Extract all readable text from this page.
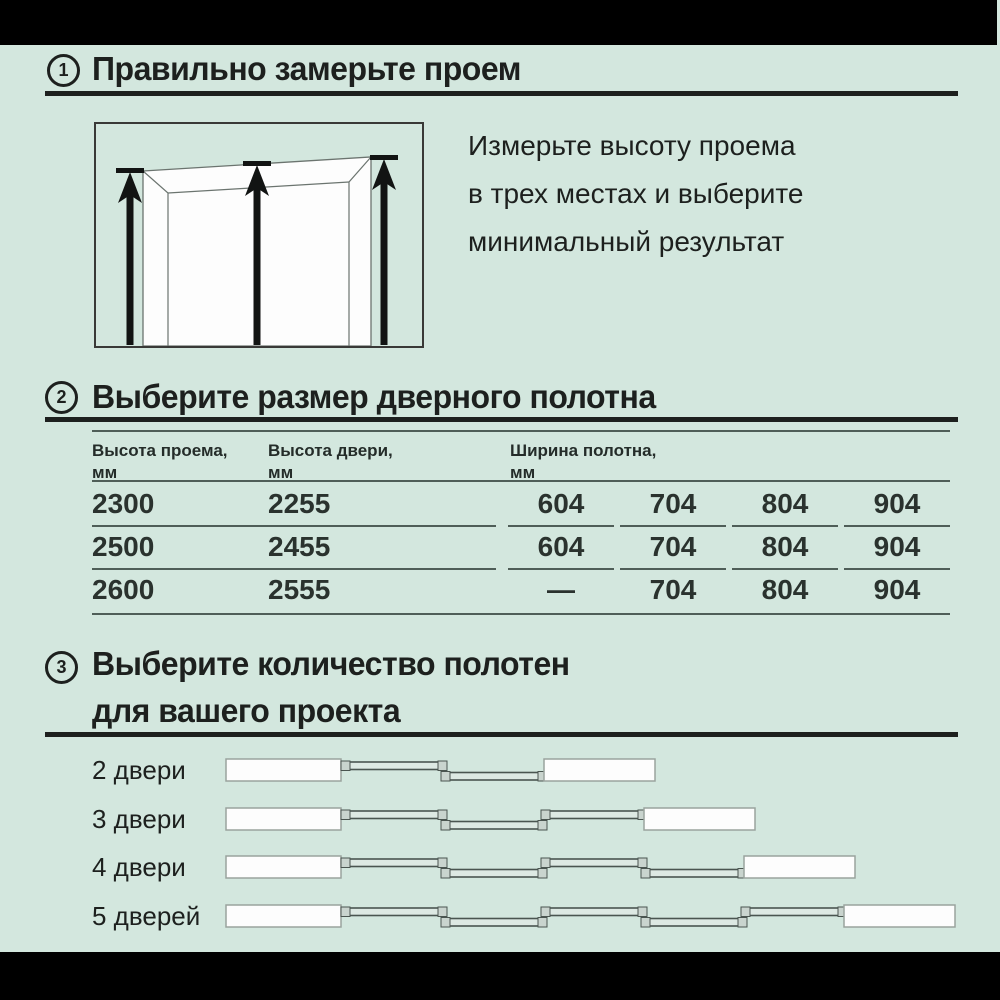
1 Правильно замерьте проем
Измерьте высоту проема
в трех местах и выберите
минимальный результат
2 Выберите размер дверного полотна
Высота проема,
мм
Высота двери,
мм
Ширина полотна,
мм
2300	2255	604	704	804	904
2500	2455	604	704	804	904
2600	2555	—	704	804	904
3 Выберите количество полотен
для вашего проекта
2 двери
3 двери
4 двери
5 дверей
